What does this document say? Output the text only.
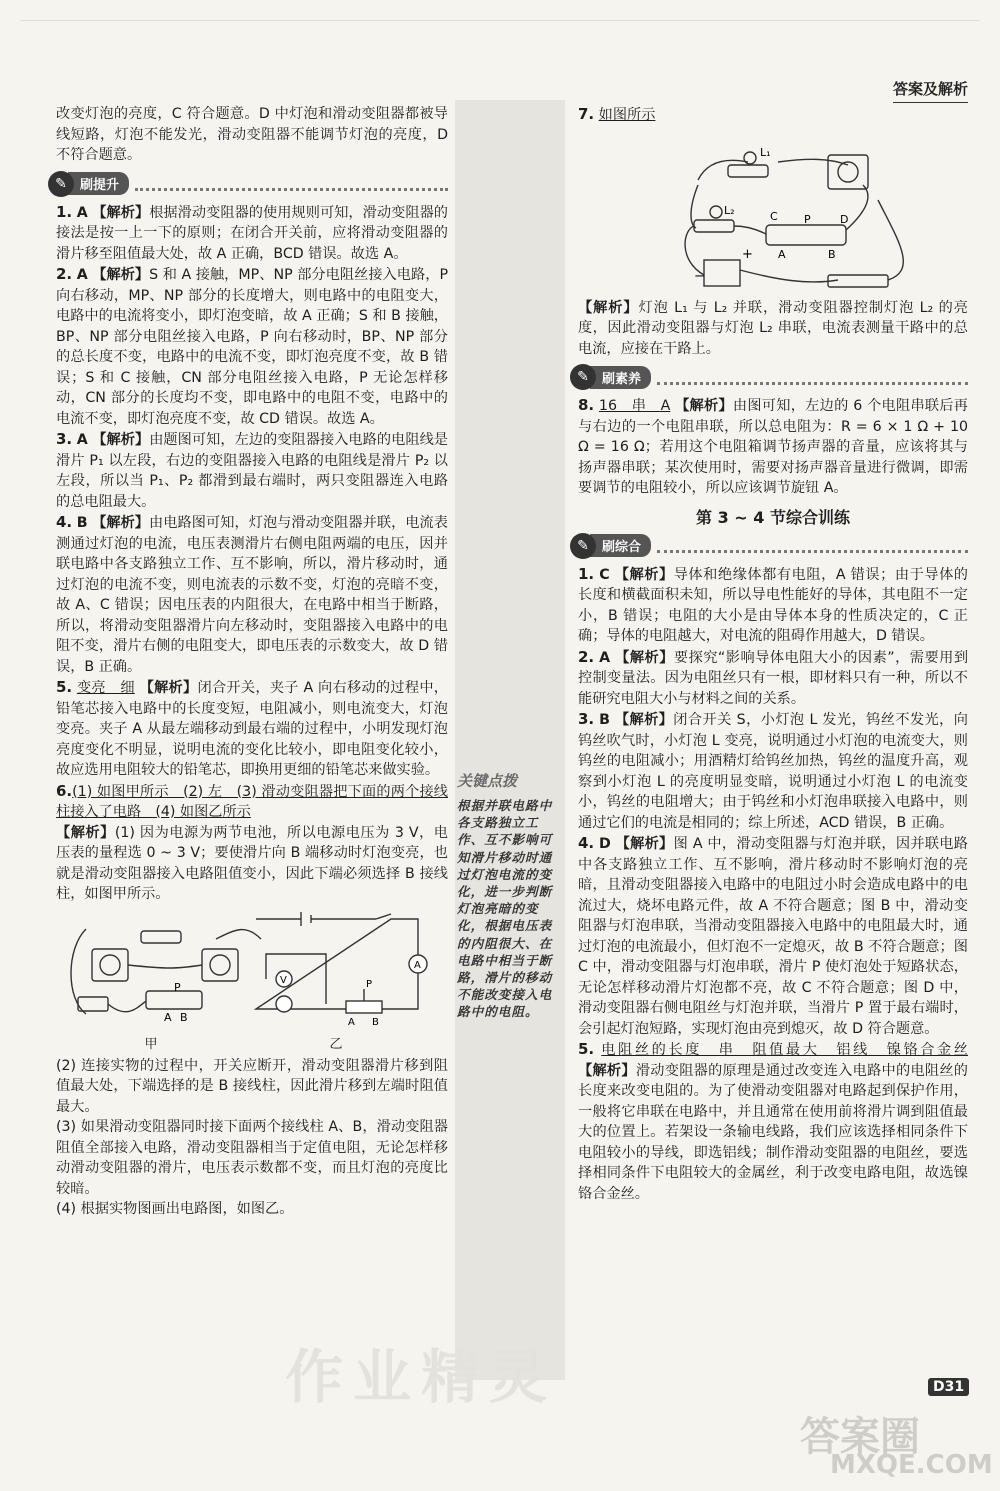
答案及解析
关键点拨
根据并联电路中各支路独立工作、互不影响可知滑片移动时通过灯泡电流的变化，进一步判断灯泡亮暗的变化，根据电压表的内阻很大、在电路中相当于断路，滑片的移动不能改变接入电路中的电阻。

改变灯泡的亮度，C 符合题意。D 中灯泡和滑动变阻器都被导线短路，灯泡不能发光，滑动变阻器不能调节灯泡的亮度，D 不符合题意。

✎	刷提升

1. A 【解析】根据滑动变阻器的使用规则可知，滑动变阻器的接法是按一上一下的原则；在闭合开关前，应将滑动变阻器的滑片移至阻值最大处，故 A 正确，BCD 错误。故选 A。

2. A 【解析】S 和 A 接触，MP、NP 部分电阻丝接入电路，P 向右移动，MP、NP 部分的长度增大，则电路中的电阻变大，电路中的电流将变小，即灯泡变暗，故 A 正确；S 和 B 接触，BP、NP 部分电阻丝接入电路，P 向右移动时，BP、NP 部分的总长度不变，电路中的电流不变，即灯泡亮度不变，故 B 错误；S 和 C 接触，CN 部分电阻丝接入电路，P 无论怎样移动，CN 部分的长度均不变，即电路中的电阻不变，电路中的电流不变，即灯泡亮度不变，故 CD 错误。故选 A。

3. A 【解析】由题图可知，左边的变阻器接入电路的电阻线是滑片 P₁ 以左段，右边的变阻器接入电路的电阻线是滑片 P₂ 以左段，所以当 P₁、P₂ 都滑到最右端时，两只变阻器连入电路的总电阻最大。

4. B 【解析】由电路图可知，灯泡与滑动变阻器并联，电流表测通过灯泡的电流，电压表测滑片右侧电阻两端的电压，因并联电路中各支路独立工作、互不影响，所以，滑片移动时，通过灯泡的电流不变，则电流表的示数不变，灯泡的亮暗不变，故 A、C 错误；因电压表的内阻很大，在电路中相当于断路，所以，将滑动变阻器滑片向左移动时，变阻器接入电路中的电阻不变，滑片右侧的电阻变大，即电压表的示数变大，故 D 错误，B 正确。

5. 变亮　细 【解析】闭合开关，夹子 A 向右移动的过程中，铅笔芯接入电路中的长度变短，电阻减小，则电流变大，灯泡变亮。夹子 A 从最左端移动到最右端的过程中，小明发现灯泡亮度变化不明显，说明电流的变化比较小，即电阻变化较小，故应选用电阻较大的铅笔芯，即换用更细的铅笔芯来做实验。

6.(1) 如图甲所示　(2) 左　(3) 滑动变阻器把下面的两个接线柱接入了电路　(4) 如图乙所示

【解析】(1) 因为电源为两节电池，所以电源电压为 3 V，电压表的量程选 0 ~ 3 V；要使滑片向 B 端移动时灯泡变亮，也就是滑动变阻器接入电路阻值变小，因此下端必须选择 B 接线柱，如图甲所示。

P
A B
A
V	P
A B
甲	乙

(2) 连接实物的过程中，开关应断开，滑动变阻器滑片移到阻值最大处，下端选择的是 B 接线柱，因此滑片移到左端时阻值最大。

(3) 如果滑动变阻器同时接下面两个接线柱 A、B，滑动变阻器阻值全部接入电路，滑动变阻器相当于定值电阻，无论怎样移动滑动变阻器的滑片，电压表示数都不变，而且灯泡的亮度比较暗。

(4) 根据实物图画出电路图，如图乙。

7. 如图所示

L₁
L₂
P
C	D
A	B
−
+

【解析】灯泡 L₁ 与 L₂ 并联，滑动变阻器控制灯泡 L₂ 的亮度，因此滑动变阻器与灯泡 L₂ 串联，电流表测量干路中的总电流，应接在干路上。

✎	刷素养

8. 16　串　A 【解析】由图可知，左边的 6 个电阻串联后再与右边的一个电阻串联，所以总电阻为：R = 6 × 1 Ω + 10 Ω = 16 Ω；若用这个电阻箱调节扬声器的音量，应该将其与扬声器串联；某次使用时，需要对扬声器音量进行微调，即需要调节的电阻较小，所以应该调节旋钮 A。

第 3 ~ 4 节综合训练
✎	刷综合

1. C 【解析】导体和绝缘体都有电阻，A 错误；由于导体的长度和横截面积未知，所以导电性能好的导体，其电阻不一定小，B 错误；电阻的大小是由导体本身的性质决定的，C 正确；导体的电阻越大，对电流的阻碍作用越大，D 错误。

2. A 【解析】要探究“影响导体电阻大小的因素”，需要用到控制变量法。因为电阻丝只有一根，即材料只有一种，所以不能研究电阻大小与材料之间的关系。

3. B 【解析】闭合开关 S，小灯泡 L 发光，钨丝不发光，向钨丝吹气时，小灯泡 L 变亮，说明通过小灯泡的电流变大，则钨丝的电阻减小；用酒精灯给钨丝加热，钨丝的温度升高，观察到小灯泡 L 的亮度明显变暗，说明通过小灯泡 L 的电流变小，钨丝的电阻增大；由于钨丝和小灯泡串联接入电路中，则通过它们的电流是相同的；综上所述，ACD 错误，B 正确。

4. D 【解析】图 A 中，滑动变阻器与灯泡并联，因并联电路中各支路独立工作、互不影响，滑片移动时不影响灯泡的亮暗，且滑动变阻器接入电路中的电阻过小时会造成电路中的电流过大，烧坏电路元件，故 A 不符合题意；图 B 中，滑动变阻器与灯泡串联，当滑动变阻器接入电路中的电阻最大时，通过灯泡的电流最小，但灯泡不一定熄灭，故 B 不符合题意；图 C 中，滑动变阻器与灯泡串联，滑片 P 使灯泡处于短路状态，无论怎样移动滑片灯泡都不亮，故 C 不符合题意；图 D 中，滑动变阻器右侧电阻丝与灯泡并联，当滑片 P 置于最右端时，会引起灯泡短路，实现灯泡由亮到熄灭，故 D 符合题意。

5. 电阻丝的长度　串　阻值最大　铝线　镍铬合金丝 【解析】滑动变阻器的原理是通过改变连入电路中的电阻丝的长度来改变电阻的。为了使滑动变阻器对电路起到保护作用，一般将它串联在电路中，并且通常在使用前将滑片调到阻值最大的位置上。若架设一条输电线路，我们应该选择相同条件下电阻较小的导线，即选铝线；制作滑动变阻器的电阻丝，要选择相同条件下电阻较大的金属丝，利于改变电路电阻，故选镍铬合金丝。

作业精灵	D31
答案圈
MXQE.COM
